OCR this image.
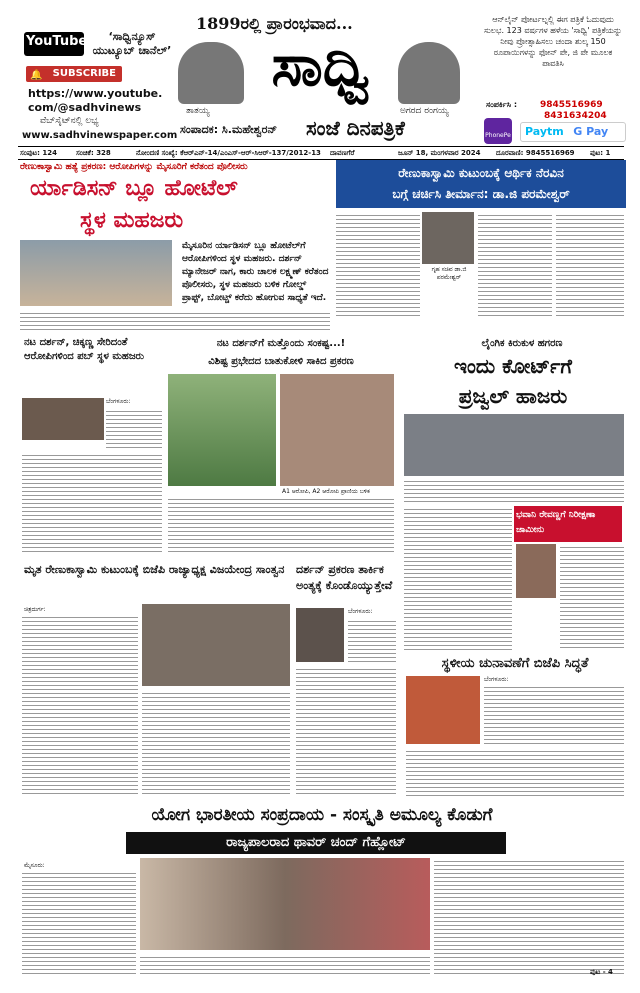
YouTube	‘ಸಾಧ್ವಿನ್ಯೂಸ್ ಯುಟ್ಯೂಬ್ ಚಾನೆಲ್’
🔔 SUBSCRIBE
https://www.youtube.
com/@sadhvinews
ವೆಬ್‌ಸೈಟ್‌ನಲ್ಲಿ ಲಭ್ಯ
www.sadhvinewspaper.com
1899ರಲ್ಲಿ ಪ್ರಾರಂಭವಾದ...
ತಾತಯ್ಯ
ಸಾಧ್ವಿ
ಅಗರದ ರಂಗಯ್ಯ
ಸಂಪಾದಕ: ಸಿ.ಮಹೇಶ್ವರನ್ ಸಂಜೆ ದಿನಪತ್ರಿಕೆ
ಆನ್‌ಲೈನ್ ಪೋರ್ಟಲ್ನಲ್ಲಿ ಈಗ ಪತ್ರಿಕೆ ಓದುವುದು ಸುಲಭ. 123 ವರ್ಷಗಳ ಹಳೆಯ 'ಸಾಧ್ವಿ' ಪತ್ರಿಕೆಯನ್ನು ನೀವು ಪ್ರೋತ್ಸಾಹಿಸಲು ಚಂದಾ ಶುಲ್ಕ 150 ರೂಪಾಯಿಗಳನ್ನು ಫೋನ್ ಪೇ, ಜಿ ಪೇ ಮೂಲಕ ಪಾವತಿಸಿ
ಸಂಪರ್ಕಿಸಿ :	9845516969
8431634204
PhonePe	Paytm G Pay
ಸಂಪುಟ: 124	ಸಂಚಿಕೆ: 328	ನೋಂದಣಿ ಸಂಖ್ಯೆ: ಕೆಆರ್‌ಎನ್-14/ಎಂಎಸ್-ಆರ್-ಸಿಆರ್-137/2012-13 ದಾವಣಗೆರೆ	ಜೂನ್ 18, ಮಂಗಳವಾರ 2024 ದೂರವಾಣಿ: 9845516969 ಪುಟ: 1
ರೇಣುಕಾಸ್ವಾಮಿ ಹತ್ಯೆ ಪ್ರಕರಣ: ಆರೋಪಿಗಳನ್ನು ಮೈಸೂರಿಗೆ ಕರೆತಂದ ಪೊಲೀಸರು
ರ್ಯಾಡಿಸನ್ ಬ್ಲೂ ಹೋಟೆಲ್
ಸ್ಥಳ ಮಹಜರು
ಮೈಸೂರಿನ ರ್ಯಾಡಿಸನ್ ಬ್ಲೂ ಹೋಟೆಲ್‌ಗೆ ಆರೋಪಿಗಳಿಂದ ಸ್ಥಳ ಮಹಜರು. ದರ್ಶನ್ ಮ್ಯಾನೇಜರ್ ನಾಗ, ಕಾರು ಚಾಲಕ ಲಕ್ಷ್ಮಣ್ ಕರೆತಂದ ಪೊಲೀಸರು, ಸ್ಥಳ ಮಹಜರು ಬಳಿಕ ಗೋಲ್ಡ್ ಪ್ರಾಪ್ಟ್, ಬೋಟ್ಚ್ ಕರೆದು ಹೋಗುವ ಸಾಧ್ಯತೆ ಇದೆ.
ರೇಣುಕಾಸ್ವಾಮಿ ಕುಟುಂಬಕ್ಕೆ ಆರ್ಥಿಕ ನೆರವಿನ
ಬಗ್ಗೆ ಚರ್ಚಿಸಿ ತೀರ್ಮಾನ: ಡಾ.ಜಿ ಪರಮೇಶ್ವರ್
ಗೃಹ ಸಚಿವ ಡಾ.ಜಿ ಪರಮೇಶ್ವರ್
ನಟ ದರ್ಶನ್, ಚಿಕ್ಕಣ್ಣ ಸೇರಿದಂತೆ ಆರೋಪಿಗಳಿಂದ ಪಬ್ ಸ್ಥಳ ಮಹಜರು
ಬೆಂಗಳೂರು:
ನಟ ದರ್ಶನ್‌ಗೆ ಮತ್ತೊಂದು ಸಂಕಷ್ಟ...!
ವಿಶಿಷ್ಟ ಪ್ರಭೇದದ ಬಾತುಕೋಳಿ ಸಾಕಿದ ಪ್ರಕರಣ
A1 ಆರೋಪಿ, A2 ಆರೋಪಿ ಪ್ರಾಣಿಯ ಬಳಿಕ
ಲೈಂಗಿಕ ಕಿರುಕುಳ ಹಗರಣ
ಇಂದು ಕೋರ್ಟ್‌ಗೆ
ಪ್ರಜ್ವಲ್ ಹಾಜರು
ಭವಾನಿ ರೇವಣ್ಣಗೆ ನಿರೀಕ್ಷಣಾ ಜಾಮೀನು
ಮೃತ ರೇಣುಕಾಸ್ವಾಮಿ ಕುಟುಂಬಕ್ಕೆ ಬಿಜೆಪಿ ರಾಜ್ಯಾಧ್ಯಕ್ಷ ವಿಜಯೇಂದ್ರ ಸಾಂತ್ವನ
ಚಿತ್ರದುರ್ಗ:
ದರ್ಶನ್ ಪ್ರಕರಣ ತಾರ್ಕಿಕ ಅಂತ್ಯಕ್ಕೆ ಕೊಂಡೊಯ್ಯುತ್ತೇವೆ
ಬೆಂಗಳೂರು:
ಸ್ಥಳೀಯ ಚುನಾವಣೆಗೆ ಬಿಜೆಪಿ ಸಿದ್ಧತೆ
ಬೆಂಗಳೂರು:
ಯೋಗ ಭಾರತೀಯ ಸಂಪ್ರದಾಯ - ಸಂಸ್ಕೃತಿ ಅಮೂಲ್ಯ ಕೊಡುಗೆ
ರಾಜ್ಯಪಾಲರಾದ ಥಾವರ್ ಚಂದ್ ಗೆಹ್ಲೋಟ್
ಮೈಸೂರು:
ಪುಟ - 4
